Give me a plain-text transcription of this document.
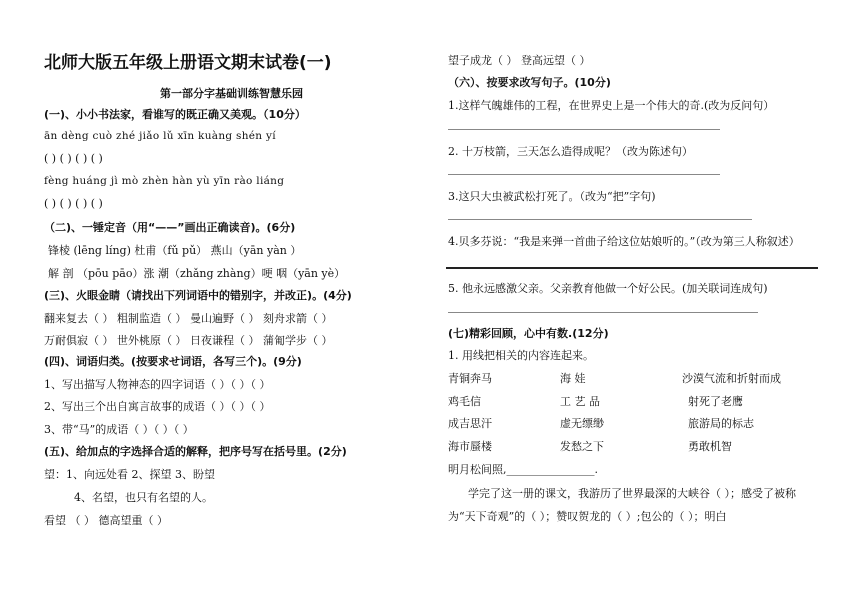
北师大版五年级上册语文期末试卷(一)
第一部分字基础训练智慧乐园
(一)、小小书法家，看谁写的既正确又美观。（10分）
ān dèng cuò zhé jiǎo lǔ xīn kuàng shén yí
( ) ( ) ( ) ( )
fèng huáng jì mò zhèn hàn yù yīn rào liáng
( ) ( ) ( ) ( )
（二)、一锤定音（用“——”画出正确读音)。(6分)
锋棱 (lēng líng) 杜甫（fǔ pǔ） 燕山（yān yàn ）
解 剖 （pōu pāo）涨 潮（zhǎng zhàng）哽 咽（yān yè）
(三)、火眼金睛（请找出下列词语中的错别字，并改正)。(4分)
翻来复去（ ） 粗制监造（ ） 曼山遍野（ ） 刻舟求箭（ ）
万耐俱寂（ ） 世外桃原（ ） 日夜谦程（ ） 蒲匍学步（ ）
(四)、词语归类。(按要求せ词语，各写三个)。(9分)
1、写出描写人物神态的四字词语（ ）（ ）（ ）
2、写出三个出自寓言故事的成语（ ）（ ）（ ）
3、带“马”的成语（ ）（ ）（ ）
(五)、给加点的字选择合适的解释，把序号写在括号里。(2分)
望：1、向远处看 2、探望 3、盼望
4、名望，也只有名望的人。
看望 （ ） 德高望重（ ）
望子成龙（ ） 登高远望（ ）
（六）、按要求改写句子。(10分)
1.这样气魄雄伟的工程，在世界史上是一个伟大的奇.(改为反问句）
2. 十万枝箭，三天怎么造得成呢？（改为陈述句）
3.这只大虫被武松打死了。（改为“把”字句)
4.贝多芬说：“我是来弹一首曲子给这位姑娘听的。”（改为第三人称叙述）
5. 他永远感激父亲。父亲教育他做一个好公民。(加关联词连成句)
(七)精彩回顾，心中有数.(12分)
1. 用线把相关的内容连起来。
青铜奔马	海 娃	沙漠气流和折射而成
鸡毛信	工 艺 品	射死了老鹰
成吉思汗	虚无缥缈	旅游局的标志
海市蜃楼	发愁之下	勇敢机智
明月松间照,________________.
学完了这一册的课文，我游历了世界最深的大峡谷（ ）；感受了被称
为“天下奇观”的（ ）；赞叹贺龙的（ ）;包公的（ ）；明白
